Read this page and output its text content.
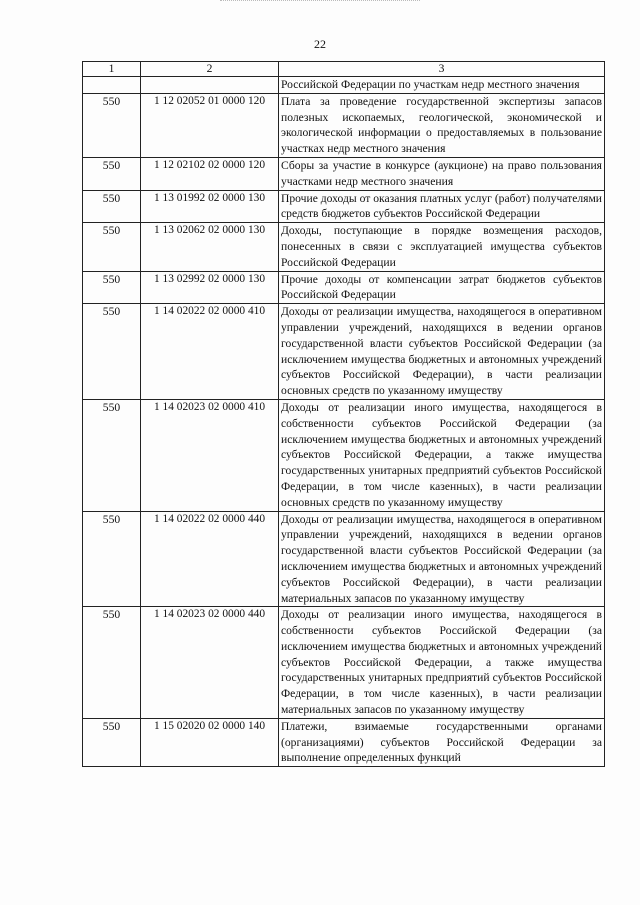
22
1	2	3
		Российской Федерации по участкам недр местного значения
550	1 12 02052 01 0000 120	Плата за проведение государственной экспертизы запасов полезных ископаемых, геологической, экономической и экологической информации о предоставляемых в пользование участках недр местного значения
550	1 12 02102 02 0000 120	Сборы за участие в конкурсе (аукционе) на право пользования участками недр местного значения
550	1 13 01992 02 0000 130	Прочие доходы от оказания платных услуг (работ) получателями средств бюджетов субъектов Российской Федерации
550	1 13 02062 02 0000 130	Доходы, поступающие в порядке возмещения расходов, понесенных в связи с эксплуатацией имущества субъектов Российской Федерации
550	1 13 02992 02 0000 130	Прочие доходы от компенсации затрат бюджетов субъектов Российской Федерации
550	1 14 02022 02 0000 410	Доходы от реализации имущества, находящегося в оперативном управлении учреждений, находящихся в ведении органов государственной власти субъектов Российской Федерации (за исключением имущества бюджетных и автономных учреждений субъектов Российской Федерации), в части реализации основных средств по указанному имуществу
550	1 14 02023 02 0000 410	Доходы от реализации иного имущества, находящегося в собственности субъектов Российской Федерации (за исключением имущества бюджетных и автономных учреждений субъектов Российской Федерации, а также имущества государственных унитарных предприятий субъектов Российской Федерации, в том числе казенных), в части реализации основных средств по указанному имуществу
550	1 14 02022 02 0000 440	Доходы от реализации имущества, находящегося в оперативном управлении учреждений, находящихся в ведении органов государственной власти субъектов Российской Федерации (за исключением имущества бюджетных и автономных учреждений субъектов Российской Федерации), в части реализации материальных запасов по указанному имуществу
550	1 14 02023 02 0000 440	Доходы от реализации иного имущества, находящегося в собственности субъектов Российской Федерации (за исключением имущества бюджетных и автономных учреждений субъектов Российской Федерации, а также имущества государственных унитарных предприятий субъектов Российской Федерации, в том числе казенных), в части реализации материальных запасов по указанному имуществу
550	1 15 02020 02 0000 140	Платежи, взимаемые государственными органами (организациями) субъектов Российской Федерации за выполнение определенных функций
